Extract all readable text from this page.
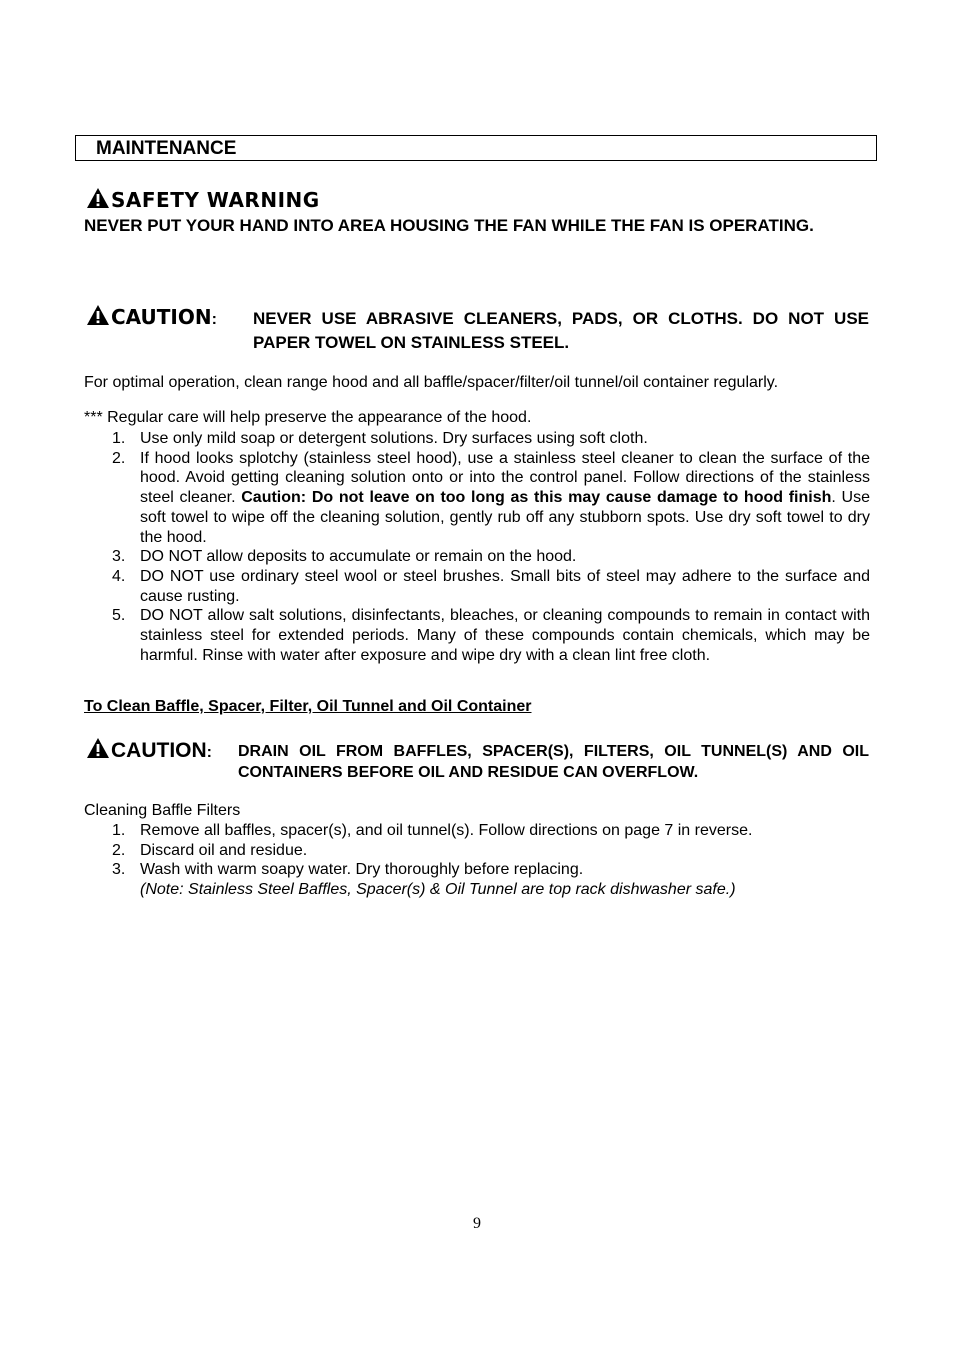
MAINTENANCE
SAFETY WARNING
NEVER PUT YOUR HAND INTO AREA HOUSING THE FAN WHILE THE FAN IS OPERATING.
CAUTION: NEVER USE ABRASIVE CLEANERS, PADS, OR CLOTHS. DO NOT USE PAPER TOWEL ON STAINLESS STEEL.
For optimal operation, clean range hood and all baffle/spacer/filter/oil tunnel/oil container regularly.
*** Regular care will help preserve the appearance of the hood.
1. Use only mild soap or detergent solutions. Dry surfaces using soft cloth.
2. If hood looks splotchy (stainless steel hood), use a stainless steel cleaner to clean the surface of the hood. Avoid getting cleaning solution onto or into the control panel. Follow directions of the stainless steel cleaner. Caution: Do not leave on too long as this may cause damage to hood finish. Use soft towel to wipe off the cleaning solution, gently rub off any stubborn spots. Use dry soft towel to dry the hood.
3. DO NOT allow deposits to accumulate or remain on the hood.
4. DO NOT use ordinary steel wool or steel brushes. Small bits of steel may adhere to the surface and cause rusting.
5. DO NOT allow salt solutions, disinfectants, bleaches, or cleaning compounds to remain in contact with stainless steel for extended periods. Many of these compounds contain chemicals, which may be harmful. Rinse with water after exposure and wipe dry with a clean lint free cloth.
To Clean Baffle, Spacer, Filter, Oil Tunnel and Oil Container
CAUTION: DRAIN OIL FROM BAFFLES, SPACER(S), FILTERS, OIL TUNNEL(S) AND OIL CONTAINERS BEFORE OIL AND RESIDUE CAN OVERFLOW.
Cleaning Baffle Filters
1. Remove all baffles, spacer(s), and oil tunnel(s). Follow directions on page 7 in reverse.
2. Discard oil and residue.
3. Wash with warm soapy water. Dry thoroughly before replacing.
(Note: Stainless Steel Baffles, Spacer(s) & Oil Tunnel are top rack dishwasher safe.)
9
